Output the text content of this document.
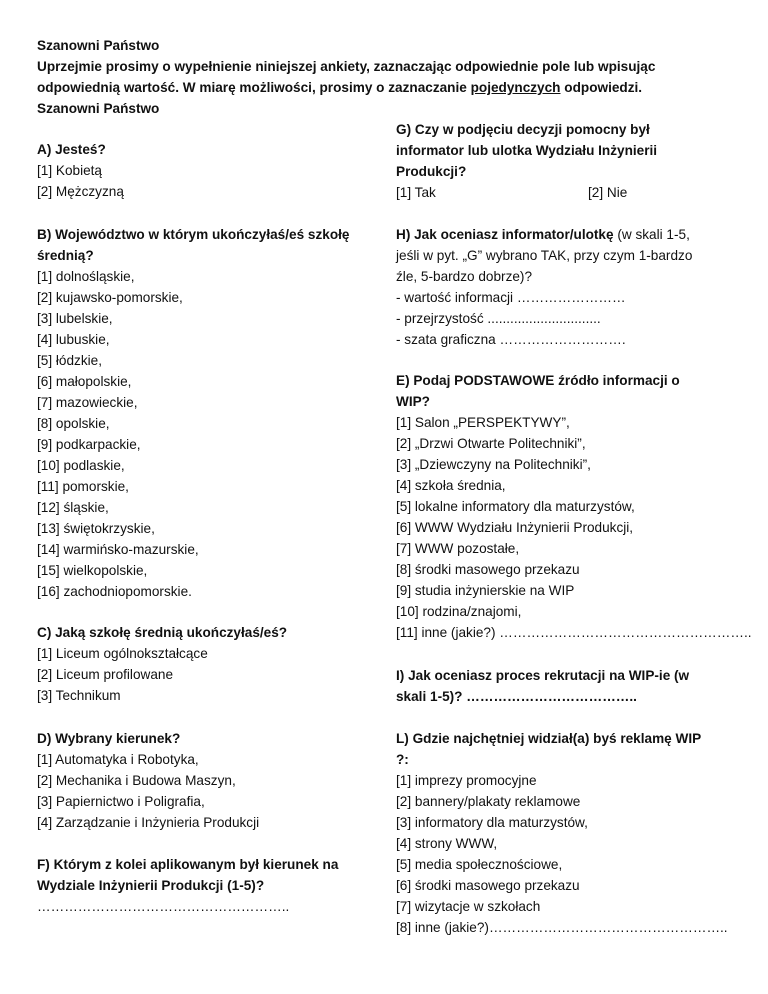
Szanowni Państwo
Uprzejmie prosimy o wypełnienie niniejszej ankiety, zaznaczając odpowiednie pole lub wpisując
odpowiednią wartość. W miarę możliwości, prosimy o zaznaczanie pojedynczych odpowiedzi.
Szanowni Państwo
A) Jesteś?
[1] Kobietą
[2] Mężczyzną
B) Województwo w którym ukończyłaś/eś szkołę średnią?
[1] dolnośląskie,
[2] kujawsko-pomorskie,
[3] lubelskie,
[4] lubuskie,
[5] łódzkie,
[6] małopolskie,
[7] mazowieckie,
[8] opolskie,
[9] podkarpackie,
[10] podlaskie,
[11] pomorskie,
[12] śląskie,
[13] świętokrzyskie,
[14] warmińsko-mazurskie,
[15] wielkopolskie,
[16] zachodniopomorskie.
C) Jaką szkołę średnią ukończyłaś/eś?
[1] Liceum ogólnokształcące
[2] Liceum profilowane
[3] Technikum
D) Wybrany kierunek?
[1] Automatyka i Robotyka,
[2] Mechanika i Budowa Maszyn,
[3] Papiernictwo i Poligrafia,
[4] Zarządzanie i Inżynieria Produkcji
F) Którym z kolei aplikowanym był kierunek na
Wydziale Inżynierii Produkcji (1-5)?
………………………………………………..
G) Czy w podjęciu decyzji pomocny był
informator lub ulotka Wydziału Inżynierii
Produkcji?
[1] Tak	[2] Nie
H) Jak oceniasz informator/ulotkę (w skali 1-5,
jeśli w pyt. „G” wybrano TAK, przy czym 1-bardzo
źle, 5-bardzo dobrze)?
- wartość informacji ……………………
- przejrzystość ..............................
- szata graficzna ……………………….
E) Podaj PODSTAWOWE źródło informacji o
WIP?
[1] Salon „PERSPEKTYWY”,
[2] „Drzwi Otwarte Politechniki”,
[3] „Dziewczyny na Politechniki”,
[4] szkoła średnia,
[5] lokalne informatory dla maturzystów,
[6] WWW Wydziału Inżynierii Produkcji,
[7] WWW pozostałe,
[8] środki masowego przekazu
[9] studia inżynierskie na WIP
[10] rodzina/znajomi,
[11] inne (jakie?) ………………………………………………..
I) Jak oceniasz proces rekrutacji na WIP-ie (w
skali 1-5)? ………………………………..
L) Gdzie najchętniej widział(a) byś reklamę WIP
?:
[1] imprezy promocyjne
[2] bannery/plakaty reklamowe
[3] informatory dla maturzystów,
[4] strony WWW,
[5] media społecznościowe,
[6] środki masowego przekazu
[7] wizytacje w szkołach
[8] inne (jakie?)……………………………………………..
